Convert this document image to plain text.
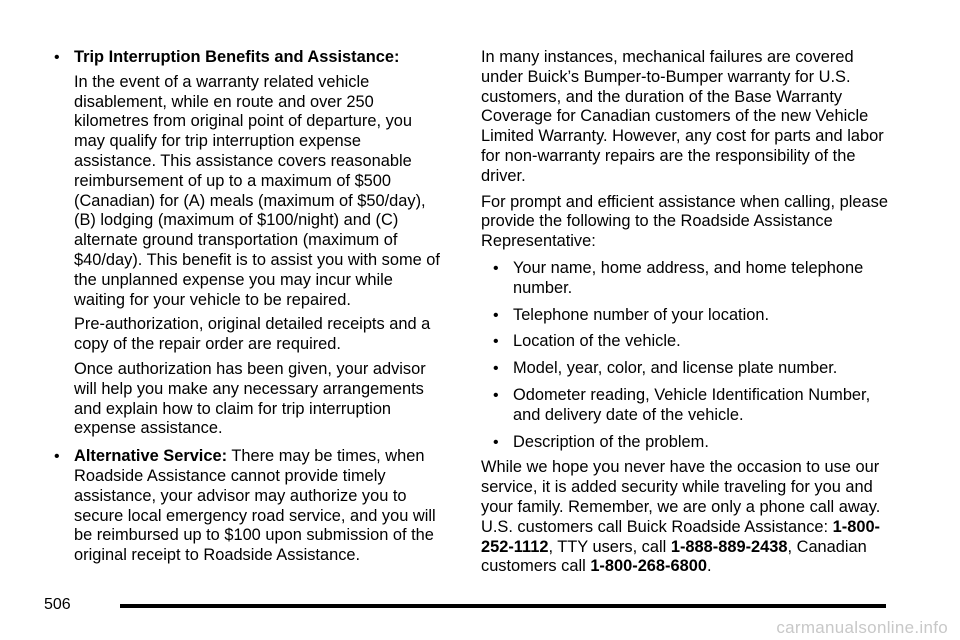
• Trip Interruption Benefits and Assistance:

In the event of a warranty related vehicle disablement, while en route and over 250 kilometres from original point of departure, you may qualify for trip interruption expense assistance. This assistance covers reasonable reimbursement of up to a maximum of $500 (Canadian) for (A) meals (maximum of $50/day), (B) lodging (maximum of $100/night) and (C) alternate ground transportation (maximum of $40/day). This benefit is to assist you with some of the unplanned expense you may incur while waiting for your vehicle to be repaired.

Pre-authorization, original detailed receipts and a copy of the repair order are required.

Once authorization has been given, your advisor will help you make any necessary arrangements and explain how to claim for trip interruption expense assistance.

• Alternative Service: There may be times, when Roadside Assistance cannot provide timely assistance, your advisor may authorize you to secure local emergency road service, and you will be reimbursed up to $100 upon submission of the original receipt to Roadside Assistance.

In many instances, mechanical failures are covered under Buick’s Bumper-to-Bumper warranty for U.S. customers, and the duration of the Base Warranty Coverage for Canadian customers of the new Vehicle Limited Warranty. However, any cost for parts and labor for non-warranty repairs are the responsibility of the driver.

For prompt and efficient assistance when calling, please provide the following to the Roadside Assistance Representative:

• Your name, home address, and home telephone number.

• Telephone number of your location.

• Location of the vehicle.

• Model, year, color, and license plate number.

• Odometer reading, Vehicle Identification Number, and delivery date of the vehicle.

• Description of the problem.

While we hope you never have the occasion to use our service, it is added security while traveling for you and your family. Remember, we are only a phone call away. U.S. customers call Buick Roadside Assistance: 1-800-252-1112, TTY users, call 1-888-889-2438, Canadian customers call 1-800-268-6800.

506
carmanualsonline.info
